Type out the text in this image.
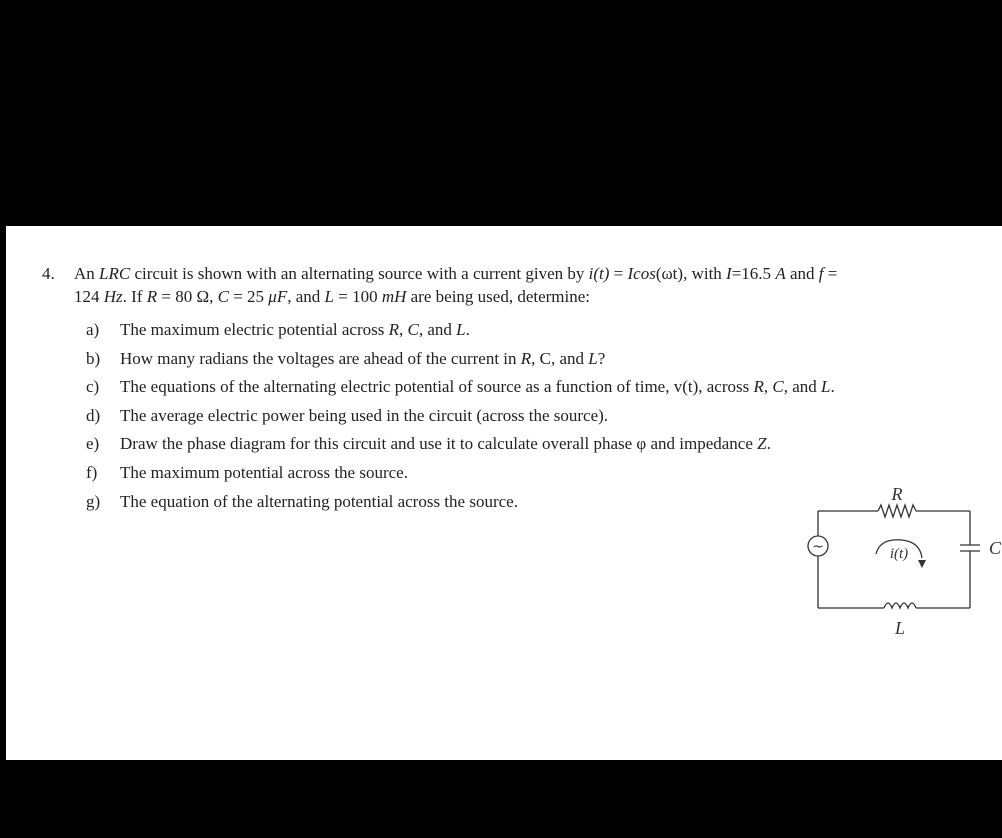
4. An LRC circuit is shown with an alternating source with a current given by i(t) = Icos(ωt), with I=16.5 A and f =
124 Hz. If R = 80 Ω, C = 25 μF, and L = 100 mH are being used, determine:
a)	The maximum electric potential across R, C, and L.
b)	How many radians the voltages are ahead of the current in R, C, and L?
c)	The equations of the alternating electric potential of source as a function of time, v(t), across R, C, and L.
d)	The average electric power being used in the circuit (across the source).
e)	Draw the phase diagram for this circuit and use it to calculate overall phase φ and impedance Z.
f)	The maximum potential across the source.
g)	The equation of the alternating potential across the source.
~
R
C
L
i(t)
